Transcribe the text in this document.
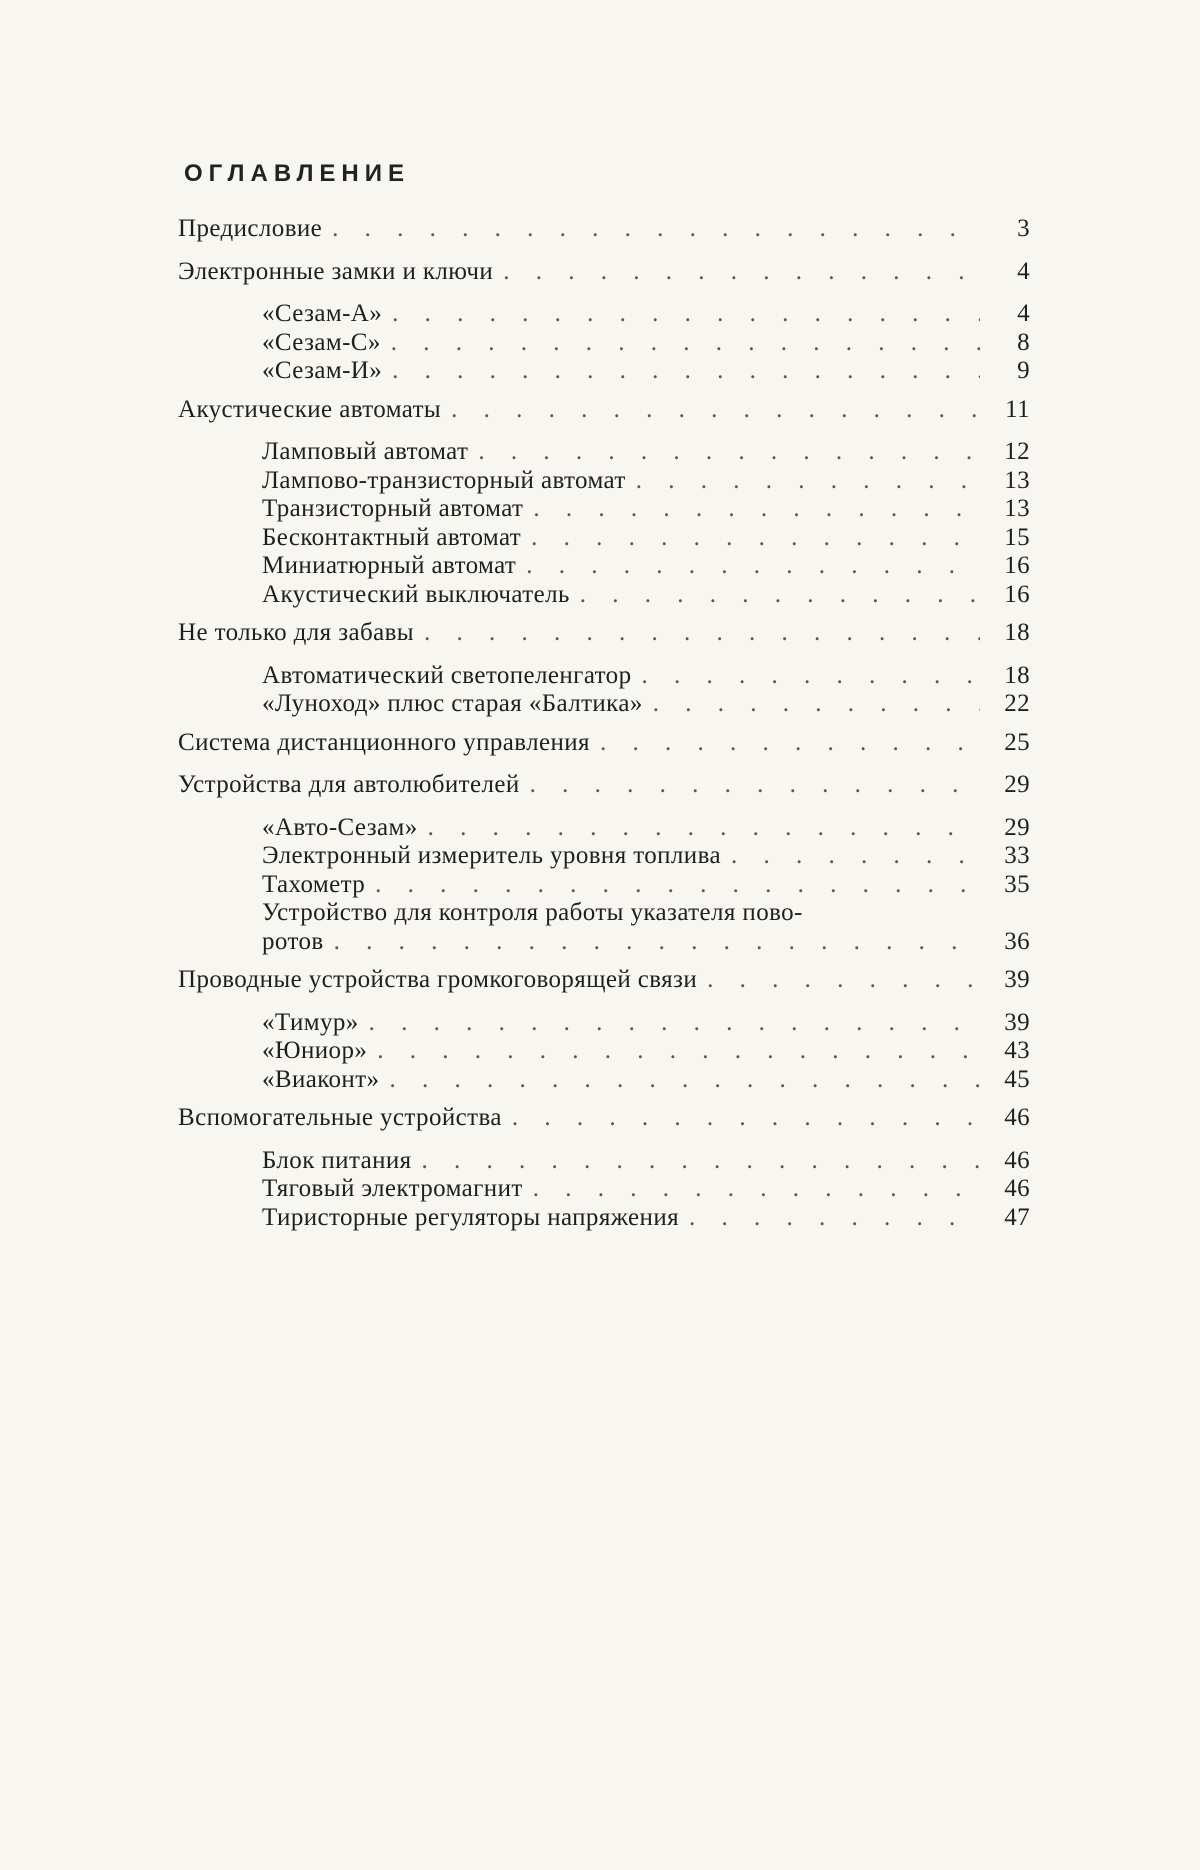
ОГЛАВЛЕНИЕ
Предисловие . . .	3
Электронные замки и ключи . . .	4
«Сезам-А» . . .	4
«Сезам-С» . . .	8
«Сезам-И» . . .	9
Акустические автоматы . . .	11
Ламповый автомат . . .	12
Лампово-транзисторный автомат . . .	13
Транзисторный автомат . . .	13
Бесконтактный автомат . . .	15
Миниатюрный автомат . . .	16
Акустический выключатель . . .	16
Не только для забавы . . .	18
Автоматический светопеленгатор . . .	18
«Луноход» плюс старая «Балтика» . . .	22
Система дистанционного управления . . .	25
Устройства для автолюбителей . . .	29
«Авто-Сезам» . . .	29
Электронный измеритель уровня топлива . . .	33
Тахометр . . .	35
Устройство для контроля работы указателя пово-
ротов . . .	36
Проводные устройства громкоговорящей связи . . .	39
«Тимур» . . .	39
«Юниор» . . .	43
«Виаконт» . . .	45
Вспомогательные устройства . . .	46
Блок питания . . .	46
Тяговый электромагнит . . .	46
Тиристорные регуляторы напряжения . . .	47
